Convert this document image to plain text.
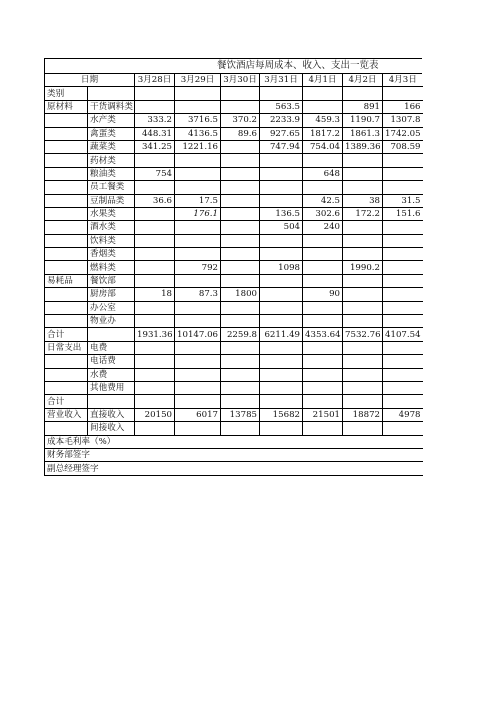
餐饮酒店每周成本、收入、支出一览表
日期		3月28日	3月29日	3月30日	3月31日	4月1日	4月2日	4月3日
类别								
原材料	干货调料类				563.5		891	166
	水产类	333.2	3716.5	370.2	2233.9	459.3	1190.7	1307.8
	禽蛋类	448.31	4136.5	89.6	927.65	1817.2	1861.3	1742.05
	蔬菜类	341.25	1221.16		747.94	754.04	1389.36	708.59
	药材类							
	粮油类	754				648		
	员工餐类							
	豆制品类	36.6	17.5			42.5	38	31.5
	水果类		176.1		136.5	302.6	172.2	151.6
	酒水类				504	240		
	饮料类							
	香烟类							
	燃料类		792		1098		1990.2	
易耗品	餐饮部							
	厨房部	18	87.3	1800		90		
	办公室							
	物业办							
合计		1931.36	10147.06	2259.8	6211.49	4353.64	7532.76	4107.54
日常支出	电费							
	电话费							
	水费							
	其他费用							
合计								
营业收入	直接收入	20150	6017	13785	15682	21501	18872	4978
	间接收入							
成本毛利率（%）								
财务部签字								
副总经理签字								
